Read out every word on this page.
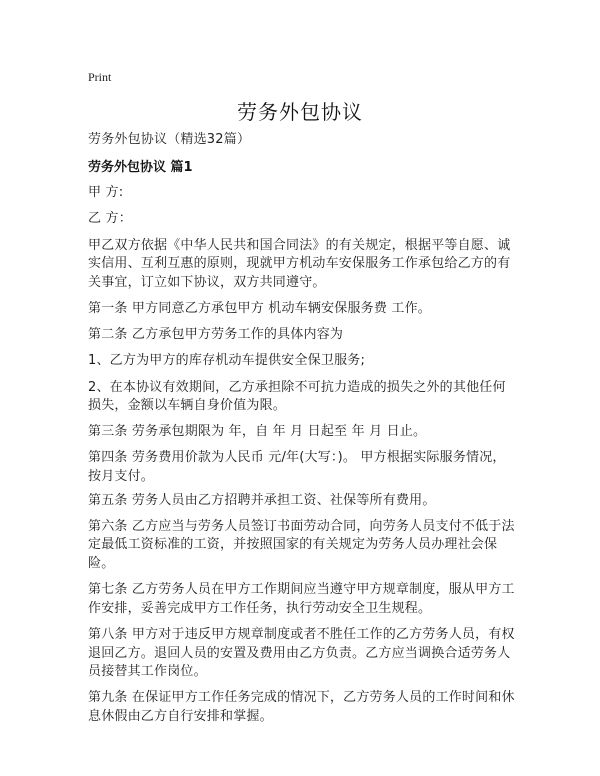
Print
劳务外包协议

劳务外包协议（精选32篇）

劳务外包协议 篇1

甲 方:

乙 方：

甲乙双方依据《中华人民共和国合同法》的有关规定，根据平等自愿、诚实信用、互利互惠的原则，现就甲方机动车安保服务工作承包给乙方的有关事宜，订立如下协议，双方共同遵守。

第一条 甲方同意乙方承包甲方 机动车辆安保服务费 工作。

第二条 乙方承包甲方劳务工作的具体内容为

1、乙方为甲方的库存机动车提供安全保卫服务;

2、在本协议有效期间，乙方承担除不可抗力造成的损失之外的其他任何损失，金额以车辆自身价值为限。

第三条 劳务承包期限为 年，自 年 月 日起至 年 月 日止。

第四条 劳务费用价款为人民币 元/年(大写：)。 甲方根据实际服务情况，按月支付。

第五条 劳务人员由乙方招聘并承担工资、社保等所有费用。

第六条 乙方应当与劳务人员签订书面劳动合同，向劳务人员支付不低于法定最低工资标准的工资，并按照国家的有关规定为劳务人员办理社会保险。

第七条 乙方劳务人员在甲方工作期间应当遵守甲方规章制度，服从甲方工作安排，妥善完成甲方工作任务，执行劳动安全卫生规程。

第八条 甲方对于违反甲方规章制度或者不胜任工作的乙方劳务人员，有权退回乙方。退回人员的安置及费用由乙方负责。乙方应当调换合适劳务人员接替其工作岗位。

第九条 在保证甲方工作任务完成的情况下，乙方劳务人员的工作时间和休息休假由乙方自行安排和掌握。
